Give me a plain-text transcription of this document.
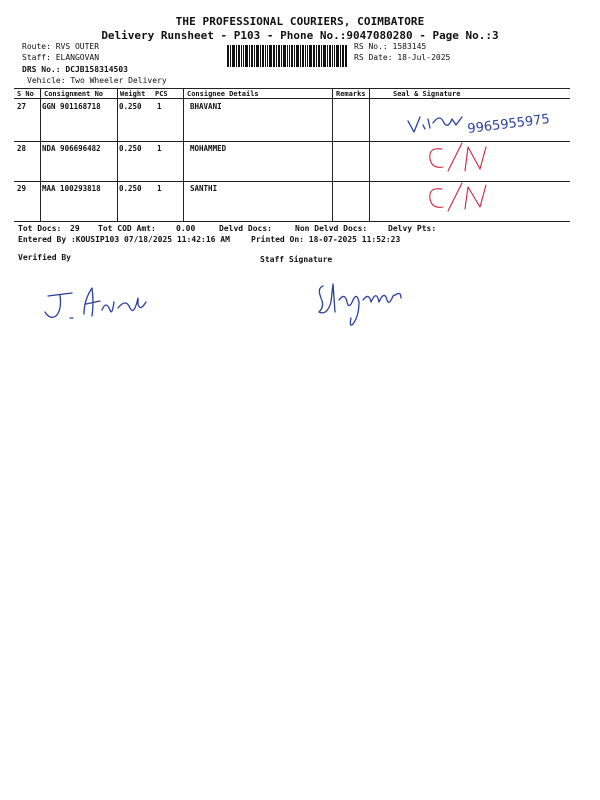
THE PROFESSIONAL COURIERS, COIMBATORE
Delivery Runsheet - P103 - Phone No.:9047080280 - Page No.:3
Route: RVS OUTER
Staff: ELANGOVAN
DRS No.: DCJB158314503
Vehicle: Two Wheeler Delivery
RS No.: 1583145
RS Date: 18-Jul-2025
S No Consignment No Weight PCS	Consignee Details	Remarks	Seal & Signature
27 GGN 901168718 0.250 1	BHAVANI
28 NDA 906696482 0.250 1	MOHAMMED
29 MAA 100293818 0.250 1	SANTHI
9965955975
Tot Docs: 29 Tot COD Amt:	0.00	Delvd Docs:	Non Delvd Docs:	Delvy Pts:
Entered By :KOUSIP103 07/18/2025 11:42:16 AM	Printed On: 18-07-2025 11:52:23
Verified By	Staff Signature
